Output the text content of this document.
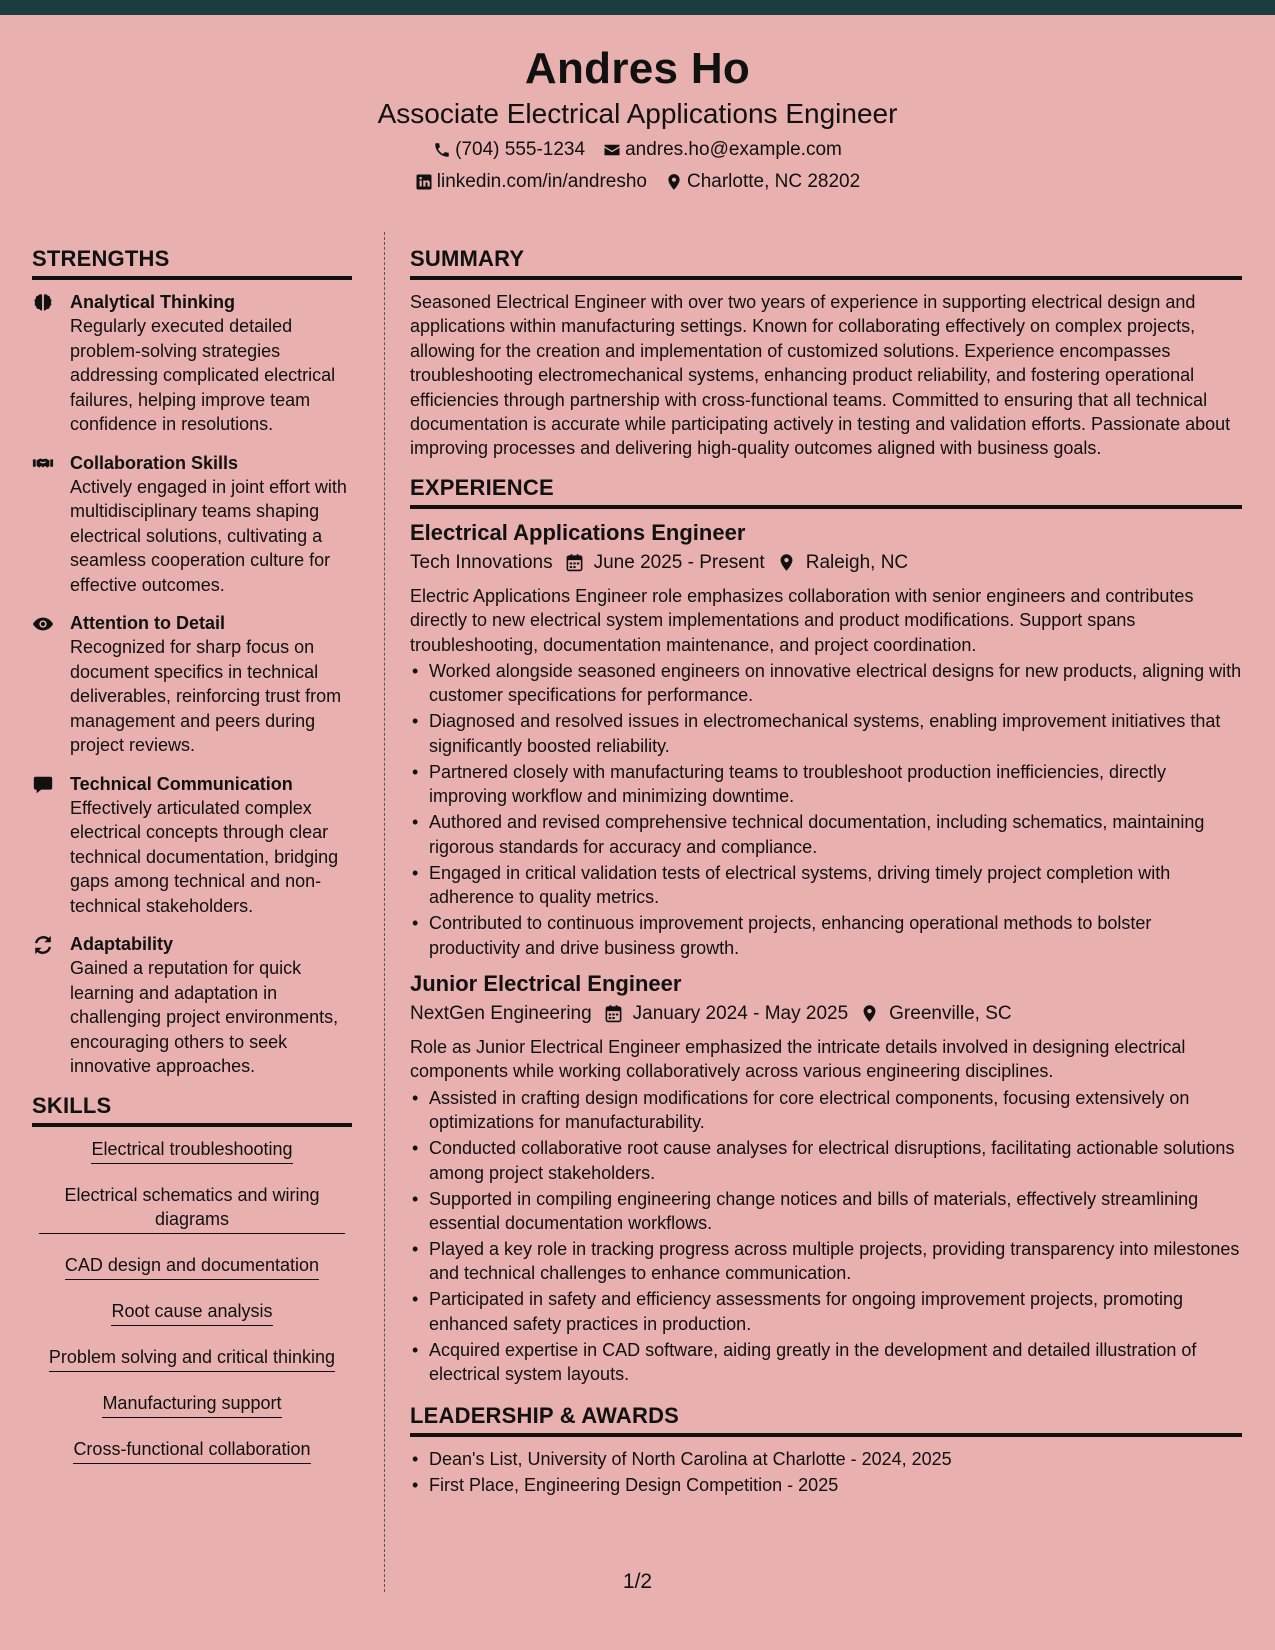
Andres Ho
Associate Electrical Applications Engineer
(704) 555-1234 andres.ho@example.com
linkedin.com/in/andresho Charlotte, NC 28202
STRENGTHS
Analytical Thinking
Regularly executed detailed problem-solving strategies addressing complicated electrical failures, helping improve team confidence in resolutions.
Collaboration Skills
Actively engaged in joint effort with multidisciplinary teams shaping electrical solutions, cultivating a seamless cooperation culture for effective outcomes.
Attention to Detail
Recognized for sharp focus on document specifics in technical deliverables, reinforcing trust from management and peers during project reviews.
Technical Communication
Effectively articulated complex electrical concepts through clear technical documentation, bridging gaps among technical and non-technical stakeholders.
Adaptability
Gained a reputation for quick learning and adaptation in challenging project environments, encouraging others to seek innovative approaches.
SKILLS
Electrical troubleshooting
Electrical schematics and wiring diagrams
CAD design and documentation
Root cause analysis
Problem solving and critical thinking
Manufacturing support
Cross-functional collaboration
SUMMARY
Seasoned Electrical Engineer with over two years of experience in supporting electrical design and applications within manufacturing settings. Known for collaborating effectively on complex projects, allowing for the creation and implementation of customized solutions. Experience encompasses troubleshooting electromechanical systems, enhancing product reliability, and fostering operational efficiencies through partnership with cross-functional teams. Committed to ensuring that all technical documentation is accurate while participating actively in testing and validation efforts. Passionate about improving processes and delivering high-quality outcomes aligned with business goals.
EXPERIENCE
Electrical Applications Engineer
Tech Innovations June 2025 - Present Raleigh, NC
Electric Applications Engineer role emphasizes collaboration with senior engineers and contributes directly to new electrical system implementations and product modifications. Support spans troubleshooting, documentation maintenance, and project coordination.
• Worked alongside seasoned engineers on innovative electrical designs for new products, aligning with customer specifications for performance.
• Diagnosed and resolved issues in electromechanical systems, enabling improvement initiatives that significantly boosted reliability.
• Partnered closely with manufacturing teams to troubleshoot production inefficiencies, directly improving workflow and minimizing downtime.
• Authored and revised comprehensive technical documentation, including schematics, maintaining rigorous standards for accuracy and compliance.
• Engaged in critical validation tests of electrical systems, driving timely project completion with adherence to quality metrics.
• Contributed to continuous improvement projects, enhancing operational methods to bolster productivity and drive business growth.
Junior Electrical Engineer
NextGen Engineering January 2024 - May 2025 Greenville, SC
Role as Junior Electrical Engineer emphasized the intricate details involved in designing electrical components while working collaboratively across various engineering disciplines.
• Assisted in crafting design modifications for core electrical components, focusing extensively on optimizations for manufacturability.
• Conducted collaborative root cause analyses for electrical disruptions, facilitating actionable solutions among project stakeholders.
• Supported in compiling engineering change notices and bills of materials, effectively streamlining essential documentation workflows.
• Played a key role in tracking progress across multiple projects, providing transparency into milestones and technical challenges to enhance communication.
• Participated in safety and efficiency assessments for ongoing improvement projects, promoting enhanced safety practices in production.
• Acquired expertise in CAD software, aiding greatly in the development and detailed illustration of electrical system layouts.
LEADERSHIP & AWARDS
• Dean's List, University of North Carolina at Charlotte - 2024, 2025
• First Place, Engineering Design Competition - 2025
1/2
